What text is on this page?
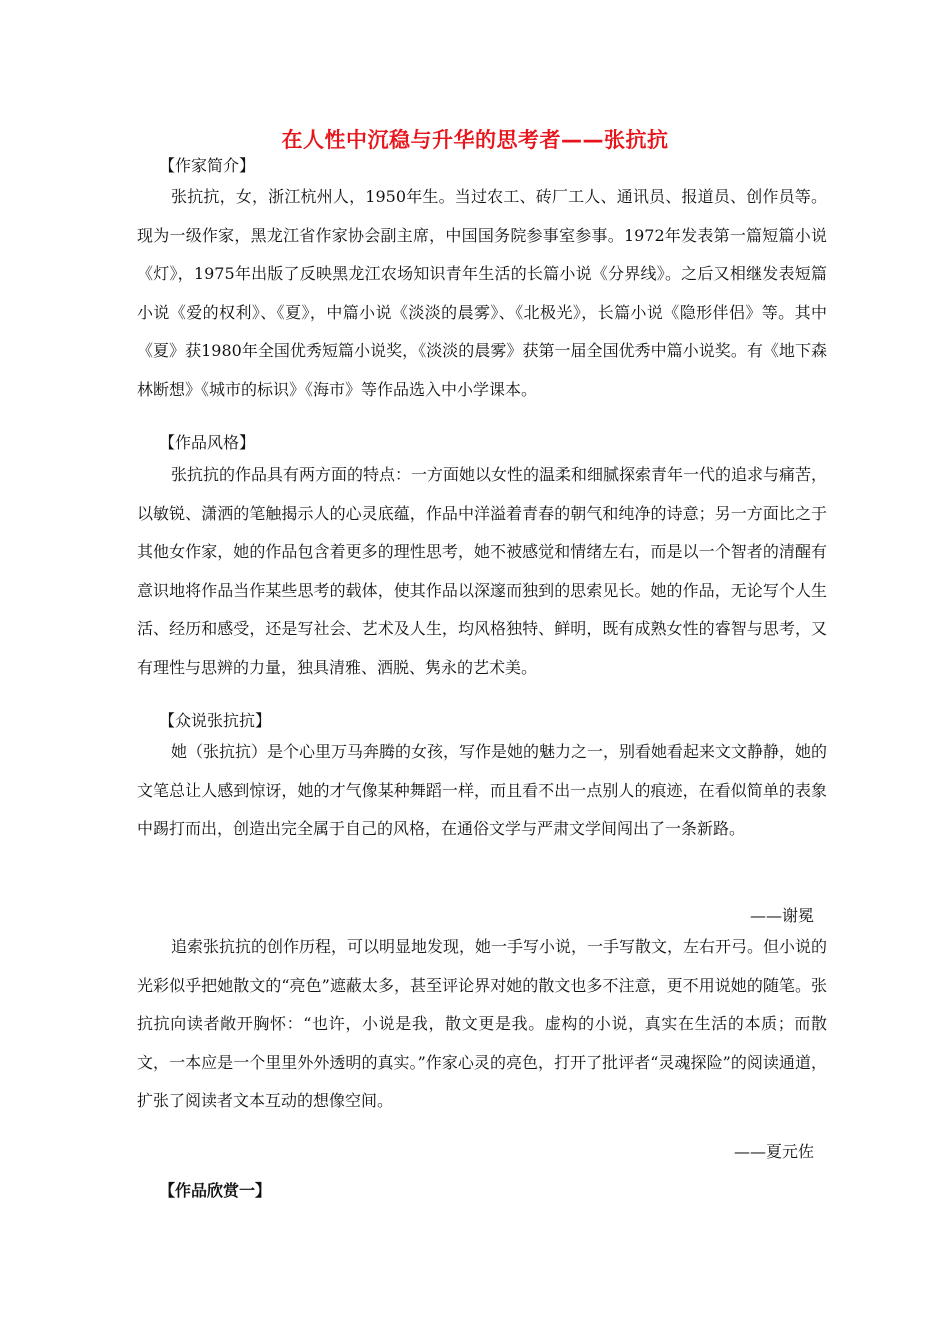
在人性中沉稳与升华的思考者——张抗抗
【作家简介】

张抗抗，女，浙江杭州人，1950年生。当过农工、砖厂工人、通讯员、报道员、创作员等。现为一级作家，黑龙江省作家协会副主席，中国国务院参事室参事。1972年发表第一篇短篇小说《灯》，1975年出版了反映黑龙江农场知识青年生活的长篇小说《分界线》。之后又相继发表短篇小说《爱的权利》、《夏》，中篇小说《淡淡的晨雾》、《北极光》，长篇小说《隐形伴侣》等。其中《夏》获1980年全国优秀短篇小说奖，《淡淡的晨雾》获第一届全国优秀中篇小说奖。有《地下森林断想》《城市的标识》《海市》等作品选入中小学课本。

【作品风格】

张抗抗的作品具有两方面的特点：一方面她以女性的温柔和细腻探索青年一代的追求与痛苦，以敏锐、潇洒的笔触揭示人的心灵底蕴，作品中洋溢着青春的朝气和纯净的诗意；另一方面比之于其他女作家，她的作品包含着更多的理性思考，她不被感觉和情绪左右，而是以一个智者的清醒有意识地将作品当作某些思考的载体，使其作品以深邃而独到的思索见长。她的作品，无论写个人生活、经历和感受，还是写社会、艺术及人生，均风格独特、鲜明，既有成熟女性的睿智与思考，又有理性与思辨的力量，独具清雅、洒脱、隽永的艺术美。

【众说张抗抗】

她（张抗抗）是个心里万马奔腾的女孩，写作是她的魅力之一，别看她看起来文文静静，她的文笔总让人感到惊讶，她的才气像某种舞蹈一样，而且看不出一点别人的痕迹，在看似简单的表象中踢打而出，创造出完全属于自己的风格，在通俗文学与严肃文学间闯出了一条新路。

——谢冕

追索张抗抗的创作历程，可以明显地发现，她一手写小说，一手写散文，左右开弓。但小说的光彩似乎把她散文的“亮色”遮蔽太多，甚至评论界对她的散文也多不注意，更不用说她的随笔。张抗抗向读者敞开胸怀：“也许，小说是我，散文更是我。虚构的小说，真实在生活的本质；而散文，一本应是一个里里外外透明的真实。”作家心灵的亮色，打开了批评者“灵魂探险”的阅读通道，扩张了阅读者文本互动的想像空间。

——夏元佐
【作品欣赏一】
